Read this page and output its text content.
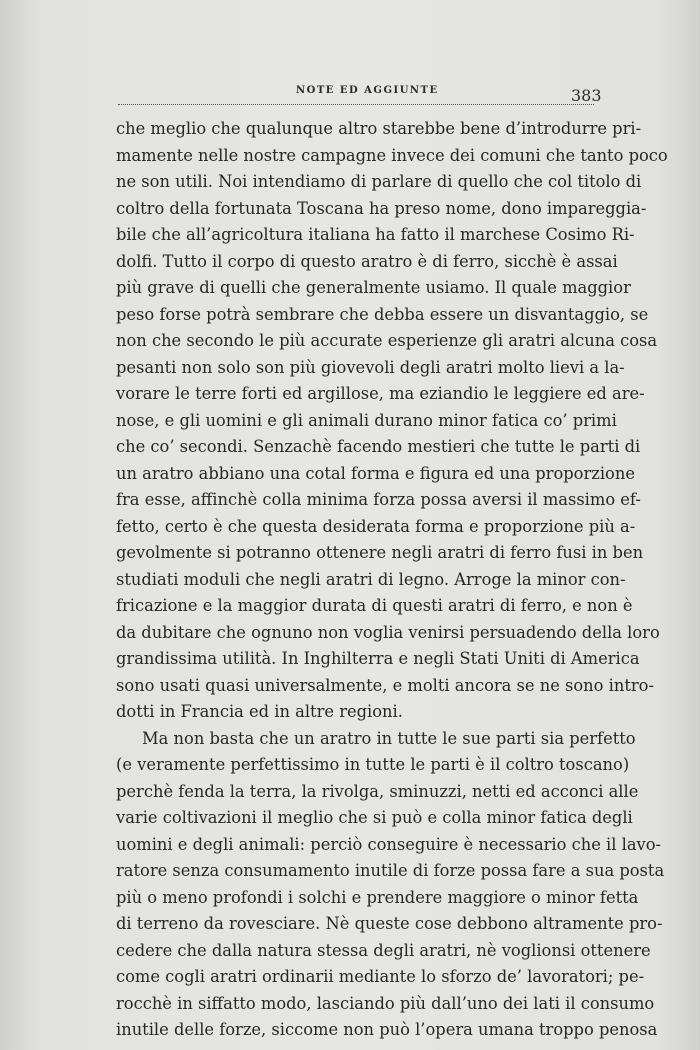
NOTE ED AGGIUNTE	383
che meglio che qualunque altro starebbe bene d’introdurre pri-
mamente nelle nostre campagne invece dei comuni che tanto poco
ne son utili. Noi intendiamo di parlare di quello che col titolo di
coltro della fortunata Toscana ha preso nome, dono impareggia-
bile che all’agricoltura italiana ha fatto il marchese Cosimo Ri-
dolfi. Tutto il corpo di questo aratro è di ferro, sicchè è assai
più grave di quelli che generalmente usiamo. Il quale maggior
peso forse potrà sembrare che debba essere un disvantaggio, se
non che secondo le più accurate esperienze gli aratri alcuna cosa
pesanti non solo son più giovevoli degli aratri molto lievi a la-
vorare le terre forti ed argillose, ma eziandio le leggiere ed are-
nose, e gli uomini e gli animali durano minor fatica co’ primi
che co’ secondi. Senzachè facendo mestieri che tutte le parti di
un aratro abbiano una cotal forma e figura ed una proporzione
fra esse, affinchè colla minima forza possa aversi il massimo ef-
fetto, certo è che questa desiderata forma e proporzione più a-
gevolmente si potranno ottenere negli aratri di ferro fusi in ben
studiati moduli che negli aratri di legno. Arroge la minor con-
fricazione e la maggior durata di questi aratri di ferro, e non è
da dubitare che ognuno non voglia venirsi persuadendo della loro
grandissima utilità. In Inghilterra e negli Stati Uniti di America
sono usati quasi universalmente, e molti ancora se ne sono intro-
dotti in Francia ed in altre regioni.
Ma non basta che un aratro in tutte le sue parti sia perfetto
(e veramente perfettissimo in tutte le parti è il coltro toscano)
perchè fenda la terra, la rivolga, sminuzzi, netti ed acconci alle
varie coltivazioni il meglio che si può e colla minor fatica degli
uomini e degli animali: perciò conseguire è necessario che il lavo-
ratore senza consumamento inutile di forze possa fare a sua posta
più o meno profondi i solchi e prendere maggiore o minor fetta
di terreno da rovesciare. Nè queste cose debbono altramente pro-
cedere che dalla natura stessa degli aratri, nè voglionsi ottenere
come cogli aratri ordinarii mediante lo sforzo de’ lavoratori; pe-
rocchè in siffatto modo, lasciando più dall’uno dei lati il consumo
inutile delle forze, siccome non può l’opera umana troppo penosa
